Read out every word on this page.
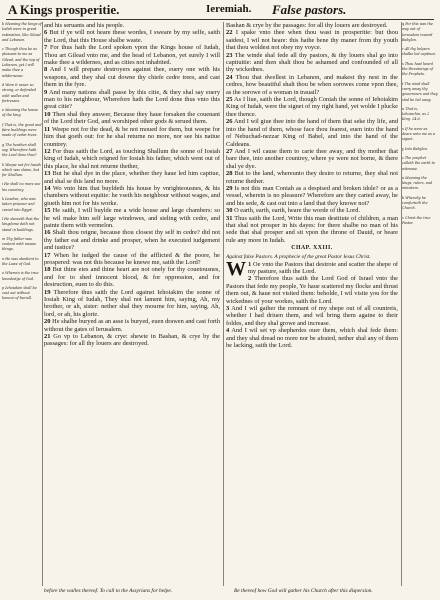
A Kings prosperitie.	Ieremiah. False pastors.
b Meaning the kings of Iudah were in great estimation, like Gilead and Lebanon.
c Though thou be as pleasant to me as Gilead, and the top of Lebanon, yet I will make thee a wildernesse.
d Were it neuer so strong, or defended with walles and fortresses.
e Meaning the house of the king.
f That is, the great and faire buildings were made of cedar trees.
g The heathen shall say, Wherefore hath the Lord done thus?
h Weepe not for Iosiah which was slaine, but for Shallum.
i He shall no more see his countrey.
k Ieoahaz, who was taken prisoner and caried into Egypt.
l He sheweth that the kingdome doth not stand in buildings.
m Thy father was content with meane things.
n He was obedient to the Lawe of God.
o Wherein is the true knowledge of God.
p Iehoiakim shall be cast out without honour of buriall.

and his seruants and his people.

6 But if ye will not heare these wordes, I sweare by my selfe, saith the Lord, that this House shalbe waste.

7 For thus hath the Lord spoken vpon the Kings house of Iudah, Thou art Gilead vnto me, and the head of Lebanon, yet surely I will make thee a wildernes, and as cities not inhabited.

8 And I will prepare destroyers against thee, euery one with his weapons, and they shal cut downe thy chiefe cedre trees, and cast them in the fyre.

9 And many nations shall passe by this citie, & they shal say euery man to his neighbour, Wherefore hath the Lord done thus vnto this great citie?

10 Then shal they answer, Because they haue forsaken the couenant of the Lord their God, and worshiped other gods & serued them.

11 Weepe not for the dead, & be not moued for them, but weepe for him that goeth out: for he shal returne no more, nor see his natiue countrey.

12 For thus saith the Lord, as touching Shallum the sonne of Iosiah king of Iudah, which reigned for Iosiah his father, which went out of this place, he shal not returne thether,

13 But he shal dye in the place, whether they haue led him captiue, and shal se this land no more.

14 Wo vnto him that buyldeth his house by vnrighteousnes, & his chambers without equitie: he vseth his neighbour without wages, and giueth him not for his worke.

15 He saith, I will buylde me a wide house and large chambers: so he wil make him self large windowes, and sieling with cedre, and painte them with vermelon.

16 Shalt thou reigne, because thou closest thy self in cedre? did not thy father eat and drinke and prosper, when he executed iudgement and iustice?

17 When he iudged the cause of the afflicted & the poore, he prospered: was not this because he knewe me, saith the Lord?

18 But thine eies and thine heart are not onely for thy couetousnes, and for to shed innocent blood, & for oppression, and for destruction, euen to do this.

19 Therefore thus saith the Lord against Iehoiakim the sonne of Iosiah King of Iudah, They shal not lament him, saying, Ah, my brother, or ah, sister: nether shal they mourne for him, saying, Ah, lord, or ah, his glorie.

20 He shalbe buryed as an asse is buryed, euen drawen and cast forth without the gates of Ierusalem.

21 Go vp to Lebanon, & crye: shewte in Bashan, & crye by the passages: for all thy louers are destroyed.

Bashan & crye by the passages: for all thy louers are destroyed.

22 I spake vnto thee when thou wast in prosperitie: but thou saidest, I wil not heare: this hathe bene thy maner from thy youth that thou woldest not obey my voyce.

23 The winde shal fede all thy pastors, & thy louers shal go into captiuitie: and then shalt thou be ashamed and confounded of all thy wickednes.

24 Thou that dwellest in Lebanon, and makest thy nest in the cedres, how beautiful shalt thou be when sorowes come vpon thee, as the sorowe of a woman in trauail?

25 As I liue, saith the Lord, though Coniah the sonne of Iehoiakim King of Iudah, were the signet of my right hand, yet wolde I plucke thee thence.

26 And I wil giue thee into the hand of them that seke thy life, and into the hand of them, whose face thou fearest, euen into the hand of Nebuchad-nezzar King of Babel, and into the hand of the Caldeans.

27 And I wil cause them to carie thee away, and thy mother that bare thee, into another countrey, where ye were not borne, & there shal ye dye.

28 But to the land, whereunto they desire to returne, they shal not returne thether.

29 Is not this man Coniah as a despised and broken idole? or as a vessel, wherein is no pleasure? Wherefore are they caried away, he and his sede, & cast out into a land that they knowe not?

30 O earth, earth, earth, heare the worde of the Lord.

31 Thus saith the Lord, Write this man destitute of children, a man that shal not prosper in his dayes: for there shalbe no man of his sede that shal prosper and sit vpon the throne of Dauid, or beare rule any more in Iudah.

CHAP. XXIII.

Against false Pastors. A prophecie of the great Pastor Iesus Christ.

W 1 Oe vnto the Pastors that destroie and scatter the shepe of my pasture, saith the Lord.

2 Therefore thus saith the Lord God of Israel vnto the Pastors that fede my people, Ye haue scattered my flocke and thrust them out, & haue not visited them: beholde, I wil visite you for the wickednes of your workes, saith the Lord.

3 And I wil gather the remnant of my shepe out of all countreis, whether I had driuen them, and wil bring them againe to their foldes, and they shal growe and increase.

4 And I wil set vp shepherdes ouer them, which shal fede them: and they shal dread no more nor be afraied, nether shal any of them be lacking, saith the Lord.

q For this was the way out of Ierusalem toward Babylon.
r All thy helpers shalbe led captiues.
s Thou hast heard the threatnings of the Prophets.
t The wind shall carry away thy gouernours and they shal be led away.
u That is, Iehoiachin, as 2 King. 24.6.
x If he were as deare unto me as a signet.
y Into Babylon.
z The prophet calleth the earth to witnesse.
a Meaning the kings, rulers, and ministers.
b Whereby he comforteth the Church.
c Christ the true Pastor.
before the walles thereof. To call to the Assyrians for helpe.	Be thereof how God will gather his Church after this dispersion.
